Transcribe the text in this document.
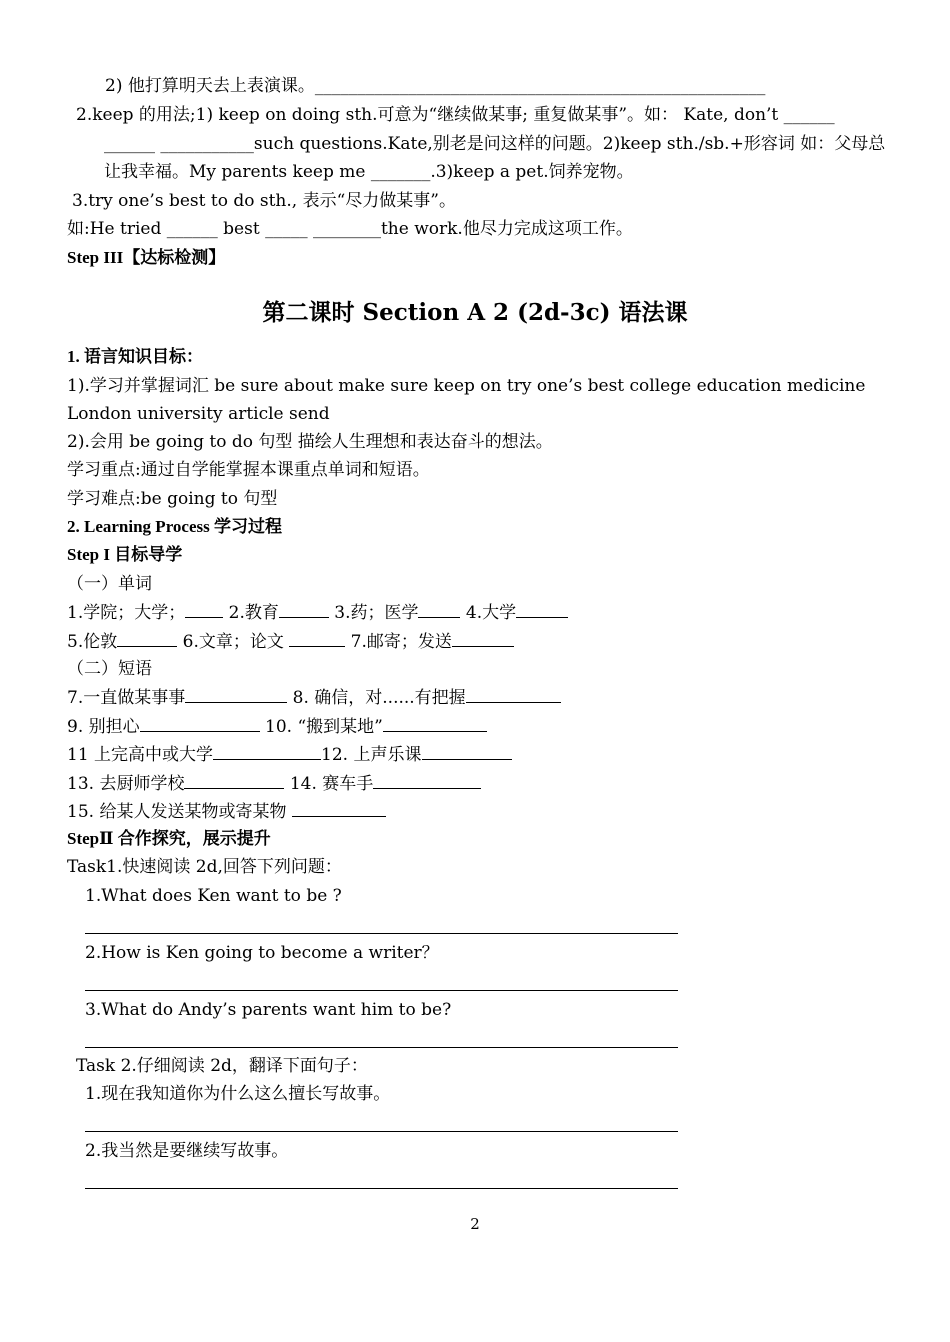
2) 他打算明天去上表演课。_____________________________________________________
2.keep 的用法;1) keep on doing sth.可意为“继续做某事; 重复做某事”。如： Kate, don’t ______
______ ___________such questions.Kate,别老是问这样的问题。2)keep sth./sb.+形容词 如：父母总
让我幸福。My parents keep me _______.3)keep a pet.饲养宠物。
3.try one’s best to do sth., 表示“尽力做某事”。
如:He tried ______ best _____ ________the work.他尽力完成这项工作。
Step III【达标检测】
第二课时 Section A 2 (2d-3c) 语法课
1. 语言知识目标：
1).学习并掌握词汇 be sure about make sure keep on try one’s best college education medicine
London university article send
2).会用 be going to do 句型 描绘人生理想和表达奋斗的想法。
学习重点:通过自学能掌握本课重点单词和短语。
学习难点:be going to 句型
2. Learning Process 学习过程
Step I 目标导学
（一）单词
1.学院；大学； 2.教育	3.药；医学 4.大学
5.伦敦	6.文章；论文	7.邮寄；发送
（二）短语
7.一直做某事事	8. 确信，对......有把握
9. 别担心	10. “搬到某地”
11 上完高中或大学	12. 上声乐课
13. 去厨师学校	14. 赛车手
15. 给某人发送某物或寄某物
StepⅡ 合作探究，展示提升
Task1.快速阅读 2d,回答下列问题：
1.What does Ken want to be ?
2.How is Ken going to become a writer？
3.What do Andy’s parents want him to be?
Task 2.仔细阅读 2d，翻译下面句子：
1.现在我知道你为什么这么擅长写故事。
2.我当然是要继续写故事。
2
